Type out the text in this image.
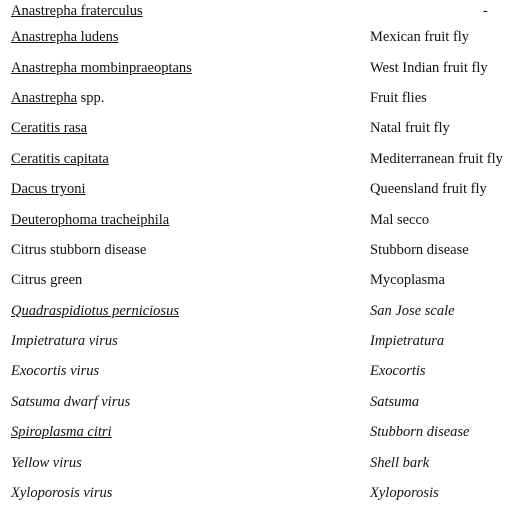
Anastrepha fraterculus	-
Anastrepha ludens	Mexican fruit fly
Anastrepha mombinpraeoptans	West Indian fruit fly
Anastrepha spp.	Fruit flies
Ceratitis rasa	Natal fruit fly
Ceratitis capitata	Mediterranean fruit fly
Dacus tryoni	Queensland fruit fly
Deuterophoma tracheiphila	Mal secco
Citrus stubborn disease	Stubborn disease
Citrus green	Mycoplasma
Quadraspidiotus perniciosus	San Jose scale
Impietratura virus	Impietratura
Exocortis virus	Exocortis
Satsuma dwarf virus	Satsuma
Spiroplasma citri	Stubborn disease
Yellow virus	Shell bark
Xyloporosis virus	Xyloporosis
